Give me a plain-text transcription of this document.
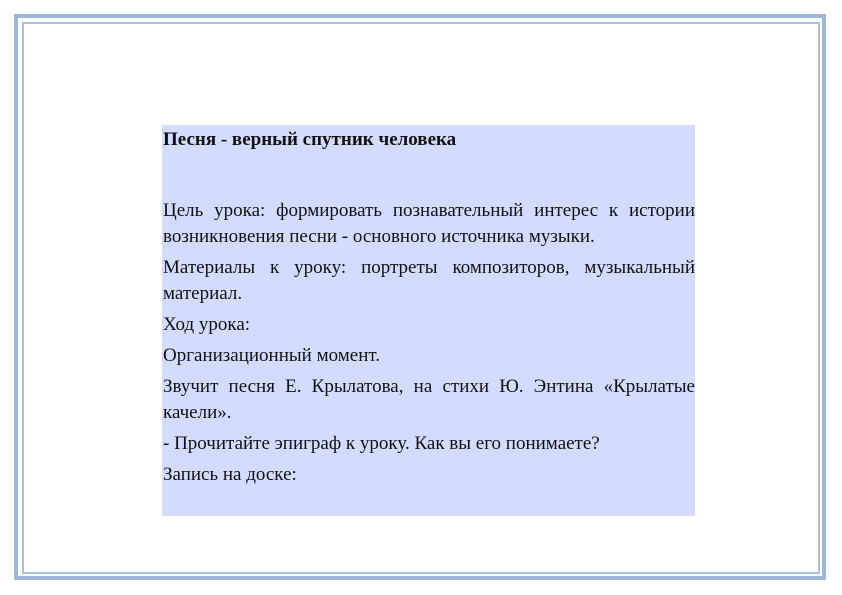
Песня - верный спутник человека

Цель урока: формировать познавательный интерес к истории возникновения песни - основного источника музыки.

Материалы к уроку: портреты композиторов, музыкальный материал.

Ход урока:

Организационный момент.

Звучит песня Е. Крылатова, на стихи Ю. Энтина «Крылатые качели».

- Прочитайте эпиграф к уроку. Как вы его понимаете?

Запись на доске:
